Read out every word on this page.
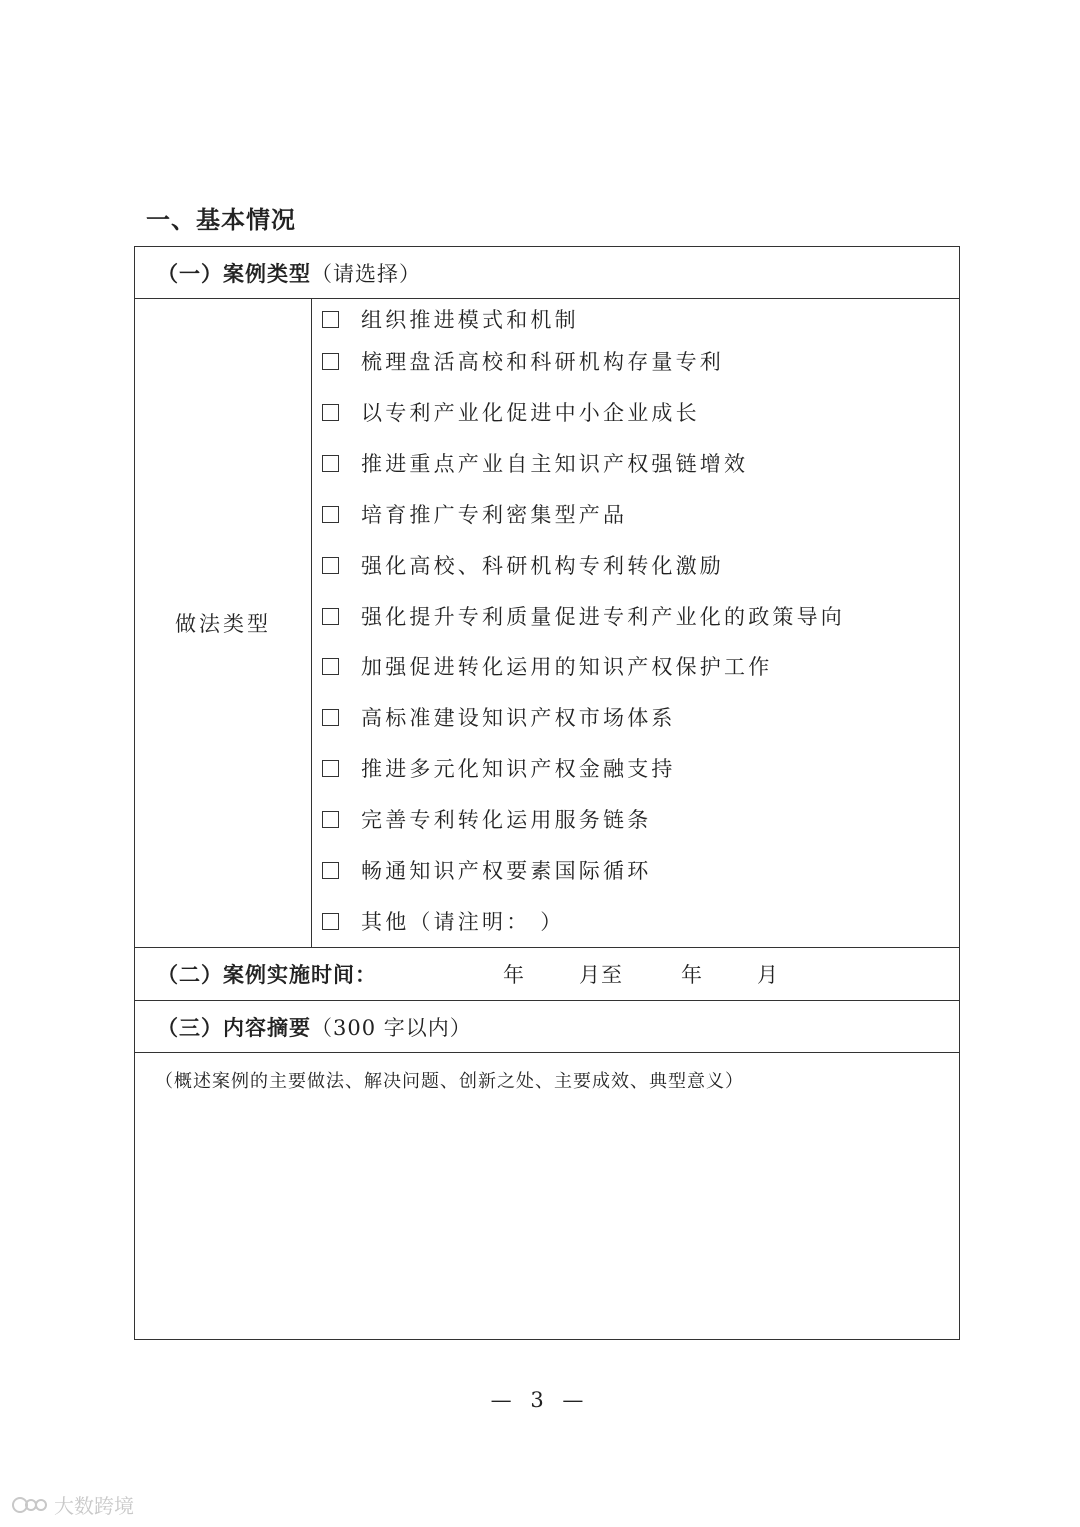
一、基本情况
（一）案例类型 （请选择）
做法类型
组织推进模式和机制
梳理盘活高校和科研机构存量专利
以专利产业化促进中小企业成长
推进重点产业自主知识产权强链增效
培育推广专利密集型产品
强化高校、科研机构专利转化激励
强化提升专利质量促进专利产业化的政策导向
加强促进转化运用的知识产权保护工作
高标准建设知识产权市场体系
推进多元化知识产权金融支持
完善专利转化运用服务链条
畅通知识产权要素国际循环
其他（请注明： ）
（二）案例实施时间：	年	月至	年	月
（三）内容摘要 （300 字以内）
（概述案例的主要做法、解决问题、创新之处、主要成效、典型意义）
— 3 —
大数跨境
